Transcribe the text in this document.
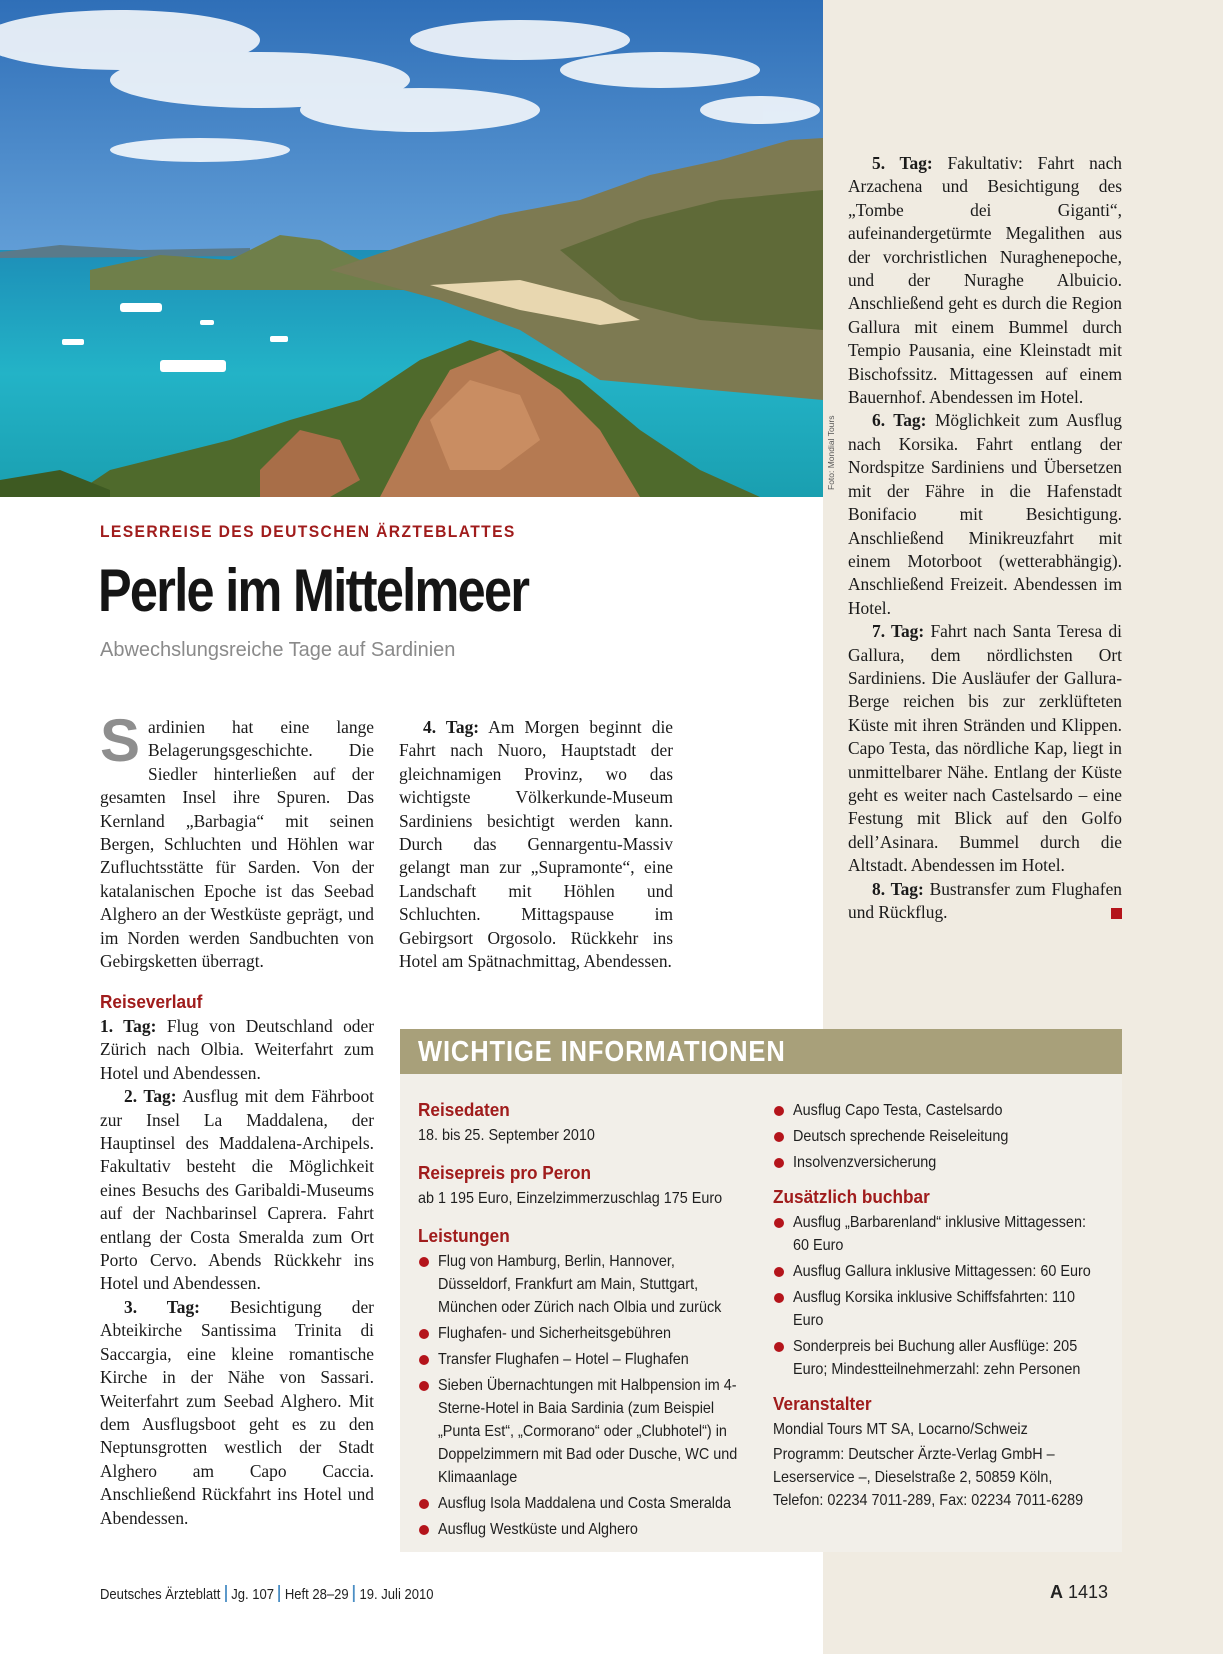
Foto: Mondial Tours
LESERREISE DES DEUTSCHEN ÄRZTEBLATTES
Perle im Mittelmeer
Abwechslungsreiche Tage auf Sardinien

Sardinien hat eine lange Belagerungsgeschichte. Die Siedler hinterließen auf der gesamten Insel ihre Spuren. Das Kernland „Barbagia“ mit seinen Bergen, Schluchten und Höhlen war Zufluchtsstätte für Sarden. Von der katalanischen Epoche ist das Seebad Alghero an der Westküste geprägt, und im Norden werden Sandbuchten von Gebirgsketten überragt.

Reiseverlauf

1. Tag: Flug von Deutschland oder Zürich nach Olbia. Weiterfahrt zum Hotel und Abendessen.

2. Tag: Ausflug mit dem Fährboot zur Insel La Maddalena, der Hauptinsel des Maddalena-Archipels. Fakultativ besteht die Möglichkeit eines Besuchs des Garibaldi-Museums auf der Nachbarinsel Caprera. Fahrt entlang der Costa Smeralda zum Ort Porto Cervo. Abends Rückkehr ins Hotel und Abendessen.

3. Tag: Besichtigung der Abteikirche Santissima Trinita di Saccargia, eine kleine romantische Kirche in der Nähe von Sassari. Weiterfahrt zum Seebad Alghero. Mit dem Ausflugsboot geht es zu den Neptunsgrotten westlich der Stadt Alghero am Capo Caccia. Anschließend Rückfahrt ins Hotel und Abendessen.

4. Tag: Am Morgen beginnt die Fahrt nach Nuoro, Hauptstadt der gleichnamigen Provinz, wo das wichtigste Völkerkunde-Museum Sardiniens besichtigt werden kann. Durch das Gennargentu-Massiv gelangt man zur „Supramonte“, eine Landschaft mit Höhlen und Schluchten. Mittagspause im Gebirgsort Orgosolo. Rückkehr ins Hotel am Spätnachmittag, Abendessen.

5. Tag: Fakultativ: Fahrt nach Arzachena und Besichtigung des „Tombe dei Giganti“, aufeinandergetürmte Megalithen aus der vorchristlichen Nuraghenepoche, und der Nuraghe Albuicio. Anschließend geht es durch die Region Gallura mit einem Bummel durch Tempio Pausania, eine Kleinstadt mit Bischofssitz. Mittagessen auf einem Bauernhof. Abendessen im Hotel.

6. Tag: Möglichkeit zum Ausflug nach Korsika. Fahrt entlang der Nordspitze Sardiniens und Übersetzen mit der Fähre in die Hafenstadt Bonifacio mit Besichtigung. Anschließend Minikreuzfahrt mit einem Motorboot (wetterabhängig). Anschließend Freizeit. Abendessen im Hotel.

7. Tag: Fahrt nach Santa Teresa di Gallura, dem nördlichsten Ort Sardiniens. Die Ausläufer der Gallura-Berge reichen bis zur zerklüfteten Küste mit ihren Stränden und Klippen. Capo Testa, das nördliche Kap, liegt in unmittelbarer Nähe. Entlang der Küste geht es weiter nach Castelsardo – eine Festung mit Blick auf den Golfo dell’Asinara. Bummel durch die Altstadt. Abendessen im Hotel.

8. Tag: Bustransfer zum Flughafen und Rückflug.

WICHTIGE INFORMATIONEN
Reisedaten
18. bis 25. September 2010
Reisepreis pro Peron
ab 1 195 Euro, Einzelzimmerzuschlag 175 Euro
Leistungen
Flug von Hamburg, Berlin, Hannover, Düsseldorf, Frankfurt am Main, Stuttgart, München oder Zürich nach Olbia und zurück
Flughafen- und Sicherheitsgebühren
Transfer Flughafen – Hotel – Flughafen
Sieben Übernachtungen mit Halbpension im 4-Sterne-Hotel in Baia Sardinia (zum Beispiel „Punta Est“, „Cormorano“ oder „Clubhotel“) in Doppelzimmern mit Bad oder Dusche, WC und Klimaanlage
Ausflug Isola Maddalena und Costa Smeralda
Ausflug Westküste und Alghero
Ausflug Capo Testa, Castelsardo
Deutsch sprechende Reiseleitung
Insolvenzversicherung
Zusätzlich buchbar
Ausflug „Barbarenland“ inklusive Mittagessen: 60 Euro
Ausflug Gallura inklusive Mittagessen: 60 Euro
Ausflug Korsika inklusive Schiffsfahrten: 110 Euro
Sonderpreis bei Buchung aller Ausflüge: 205 Euro; Mindestteilnehmerzahl: zehn Personen
Veranstalter
Mondial Tours MT SA, Locarno/Schweiz
Programm: Deutscher Ärzte-Verlag GmbH – Leserservice –, Dieselstraße 2, 50859 Köln, Telefon: 02234 7011-289, Fax: 02234 7011-6289
Deutsches Ärzteblatt Jg. 107 Heft 28–29 19. Juli 2010	A 1413
